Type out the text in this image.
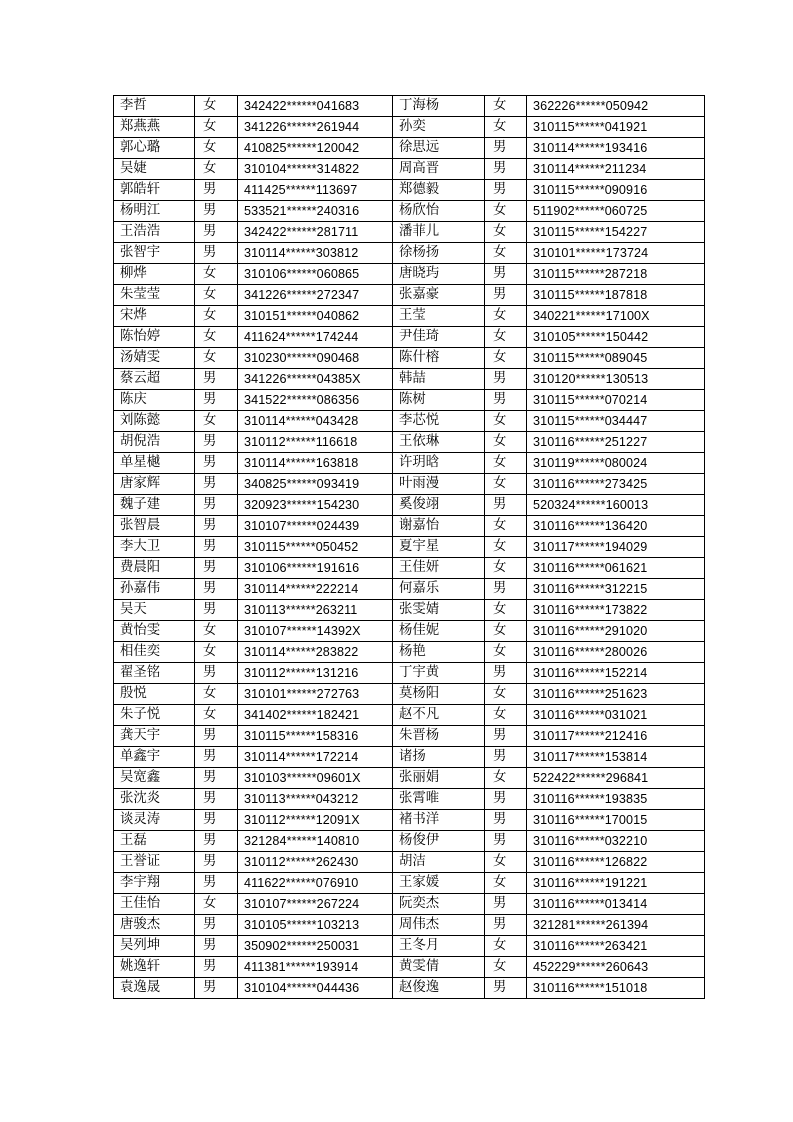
李哲	女	342422******041683	丁海杨	女	362226******050942
郑燕燕	女	341226******261944	孙奕	女	310115******041921
郭心璐	女	410825******120042	徐思远	男	310114******193416
吴婕	女	310104******314822	周高晋	男	310114******211234
郭皓轩	男	411425******113697	郑德毅	男	310115******090916
杨明江	男	533521******240316	杨欣怡	女	511902******060725
王浩浩	男	342422******281711	潘菲儿	女	310115******154227
张智宇	男	310114******303812	徐杨扬	女	310101******173724
柳烨	女	310106******060865	唐晓玙	男	310115******287218
朱莹莹	女	341226******272347	张嘉豪	男	310115******187818
宋烨	女	310151******040862	王莹	女	340221******17100X
陈怡婷	女	411624******174244	尹佳琦	女	310105******150442
汤婧雯	女	310230******090468	陈什榕	女	310115******089045
蔡云超	男	341226******04385X	韩喆	男	310120******130513
陈庆	男	341522******086356	陈树	男	310115******070214
刘陈懿	女	310114******043428	李芯悦	女	310115******034447
胡倪浩	男	310112******116618	王依琳	女	310116******251227
单星樾	男	310114******163818	许玥晗	女	310119******080024
唐家辉	男	340825******093419	叶雨漫	女	310116******273425
魏子建	男	320923******154230	奚俊翊	男	520324******160013
张智晨	男	310107******024439	谢嘉怡	女	310116******136420
李大卫	男	310115******050452	夏宇星	女	310117******194029
费晨阳	男	310106******191616	王佳妍	女	310116******061621
孙嘉伟	男	310114******222214	何嘉乐	男	310116******312215
吴天	男	310113******263211	张雯婧	女	310116******173822
黄怡雯	女	310107******14392X	杨佳妮	女	310116******291020
相佳奕	女	310114******283822	杨艳	女	310116******280026
翟圣铭	男	310112******131216	丁宇黄	男	310116******152214
殷悦	女	310101******272763	莫杨阳	女	310116******251623
朱子悦	女	341402******182421	赵不凡	女	310116******031021
龚天宇	男	310115******158316	朱晋杨	男	310117******212416
单鑫宇	男	310114******172214	诸扬	男	310117******153814
吴宽鑫	男	310103******09601X	张丽娟	女	522422******296841
张沈炎	男	310113******043212	张霄唯	男	310116******193835
谈灵涛	男	310112******12091X	褚书洋	男	310116******170015
王磊	男	321284******140810	杨俊伊	男	310116******032210
王誉证	男	310112******262430	胡洁	女	310116******126822
李宇翔	男	411622******076910	王家媛	女	310116******191221
王佳怡	女	310107******267224	阮奕杰	男	310116******013414
唐骏杰	男	310105******103213	周伟杰	男	321281******261394
吴列坤	男	350902******250031	王冬月	女	310116******263421
姚逸轩	男	411381******193914	黄雯倩	女	452229******260643
袁逸晟	男	310104******044436	赵俊逸	男	310116******151018
